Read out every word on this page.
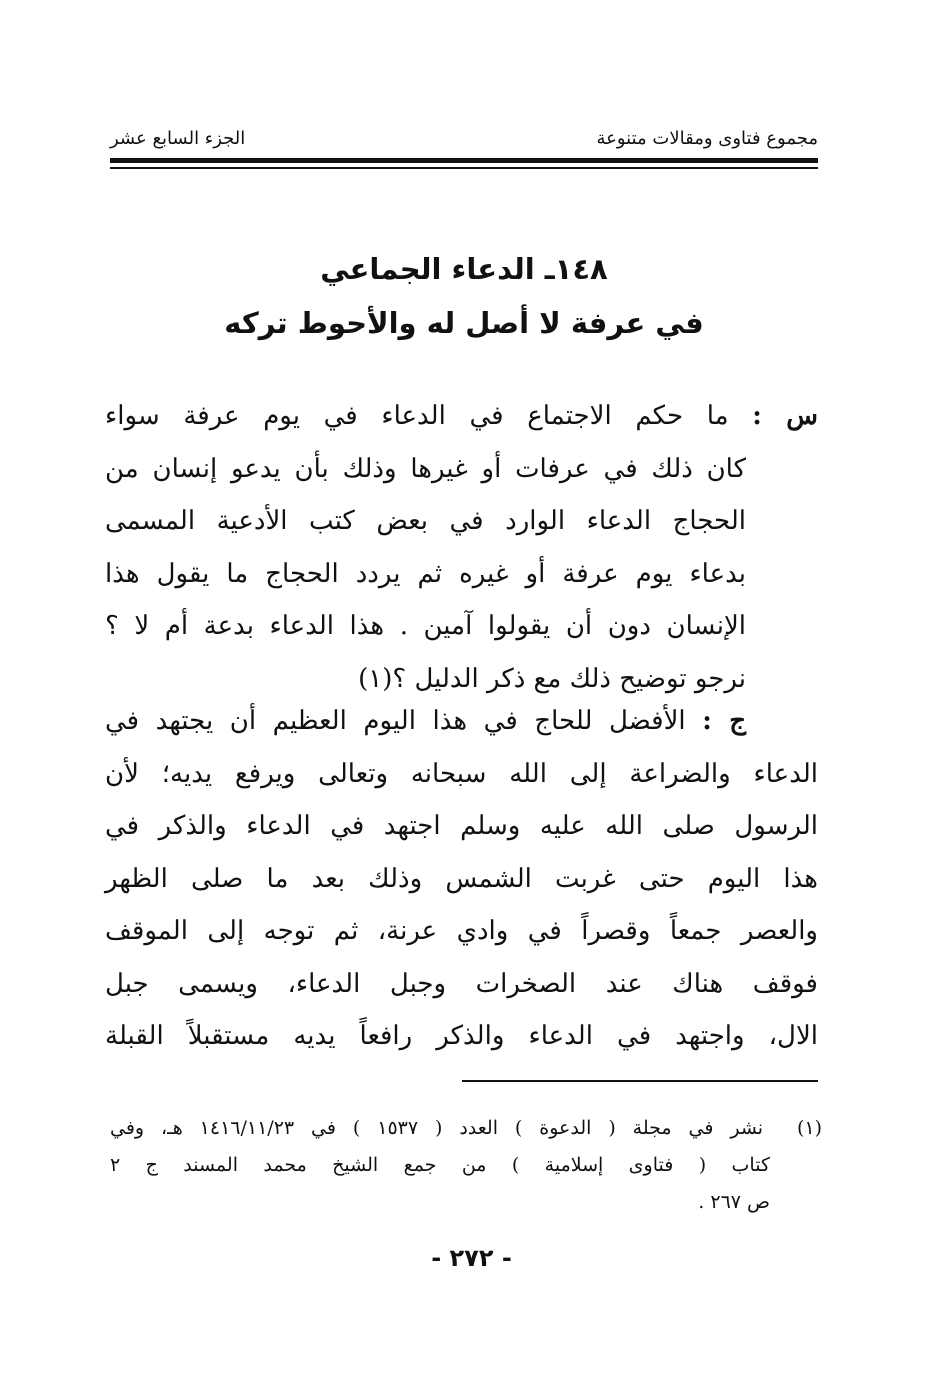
مجموع فتاوى ومقالات متنوعة
الجزء السابع عشر
١٤٨ـ الدعاء الجماعي
في عرفة لا أصل له والأحوط تركه
س : ما حكم الاجتماع في الدعاء في يوم عرفة سواء
كان ذلك في عرفات أو غيرها وذلك بأن يدعو إنسان من
الحجاج الدعاء الوارد في بعض كتب الأدعية المسمى
بدعاء يوم عرفة أو غيره ثم يردد الحجاج ما يقول هذا
الإنسان دون أن يقولوا آمين . هذا الدعاء بدعة أم لا ؟
نرجو توضيح ذلك مع ذكر الدليل ؟(١)
ج : الأفضل للحاج في هذا اليوم العظيم أن يجتهد في
الدعاء والضراعة إلى الله سبحانه وتعالى ويرفع يديه؛ لأن
الرسول صلى الله عليه وسلم اجتهد في الدعاء والذكر في
هذا اليوم حتى غربت الشمس وذلك بعد ما صلى الظهر
والعصر جمعاً وقصراً في وادي عرنة، ثم توجه إلى الموقف
فوقف هناك عند الصخرات وجبل الدعاء، ويسمى جبل
الال، واجتهد في الدعاء والذكر رافعاً يديه مستقبلاً القبلة
(١)  نشر في مجلة ( الدعوة ) العدد ( ١٥٣٧ ) في ١٤١٦/١١/٢٣ هـ، وفي
كتاب ( فتاوى إسلامية ) من جمع الشيخ محمد المسند ج ٢
ص ٢٦٧ .
- ٢٧٢ -
